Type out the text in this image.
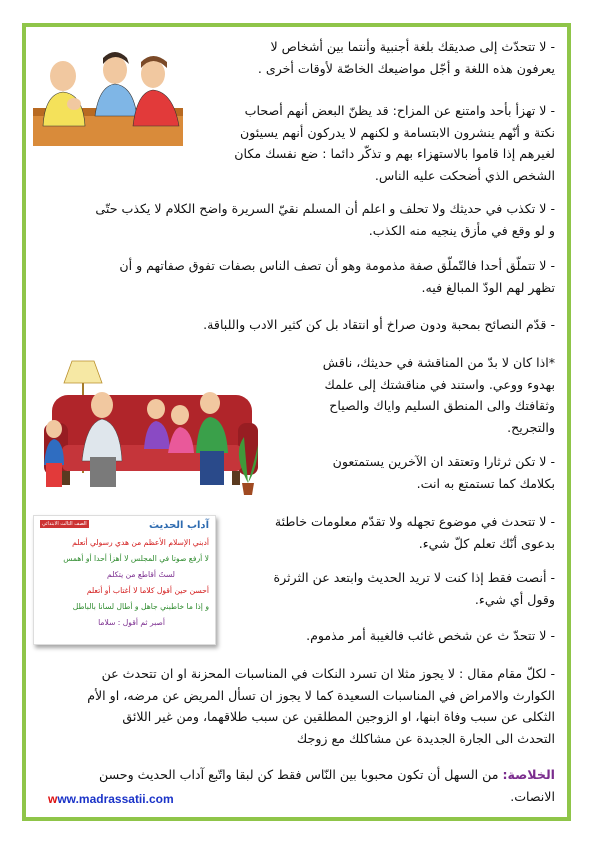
الصف الثالث الابتدائي	آداب الحديث
أدبني الإسلام الأعظم من هدي رسولي أتعلم
لا أرفع صوتا في المجلس لا أهزأ أحدا أو أهمس
لستُ أقاطع من يتكلم
أحسن حين أقول كلاما لا أغتاب أو أتعلم
و إذا ما خاطبني جاهل و أطال لسانا بالباطل
أصبر ثم أقول : سلاما
- لا تتحدّث إلى صديقك بلغة أجنبية وأنتما بين أشخاص لا
يعرفون هذه اللغة و أجّل مواضيعك الخاصّة لأوقات أخرى .
- لا تهزأ بأحد وامتنع عن المزاح: قد يظنّ البعض أنهم أصحاب
نكتة و أنّهم ينشرون الابتسامة و لكنهم لا يدركون أنهم يسيئون
لغيرهم إذا قاموا بالاستهزاء بهم و تذكّر دائما : ضع نفسك مكان
الشخص الذي أضحكت عليه الناس.
- لا تكذب في حديثك ولا تحلف و اعلم أن المسلم نقيّ السريرة واضح الكلام لا يكذب حتّى
و لو وقع في مأزق ينجيه منه الكذب.
- لا تتملّق أحدا فالتّملّق صفة مذمومة وهو أن تصف الناس بصفات تفوق صفاتهم و أن
تظهر لهم الودّ المبالغ فيه.
- قدّم النصائح بمحبة ودون صراخ أو انتقاد بل كن كثير الادب واللباقة.
*اذا كان لا بدّ من المناقشة في حديثك، ناقش
بهدوء ووعي. واستند في مناقشتك إلى علمك
وثقافتك والى المنطق السليم واياك والصياح
والتجريح.
- لا تكن ثرثارا وتعتقد ان الآخرين يستمتعون
بكلامك كما تستمتع به انت.
- لا تتحدث في موضوع تجهله ولا تقدّم معلومات خاطئة
بدعوى أنّك تعلم كلّ شيء.
- أنصت فقط إذا كنت لا تريد الحديث وابتعد عن الثرثرة
وقول أي شيء.
- لا تتحدّ ث عن شخص غائب فالغيبة أمر مذموم.
- لكلّ مقام مقال : لا يجوز مثلا ان تسرد النكات في المناسبات المحزنة او ان تتحدث عن
الكوارث والامراض في المناسبات السعيدة كما لا يجوز ان تسأل المريض عن مرضه، او الأم
الثكلى عن سبب وفاة ابنها، او الزوجين المطلقين عن سبب طلاقهما، ومن غير اللائق
التحدث الى الجارة الجديدة عن مشاكلك مع زوجك
الخلاصة: من السهل أن تكون محبوبا بين النّاس فقط كن لبقا واتّبع آداب الحديث وحسن
الانصات.
www.madrassatii.com
